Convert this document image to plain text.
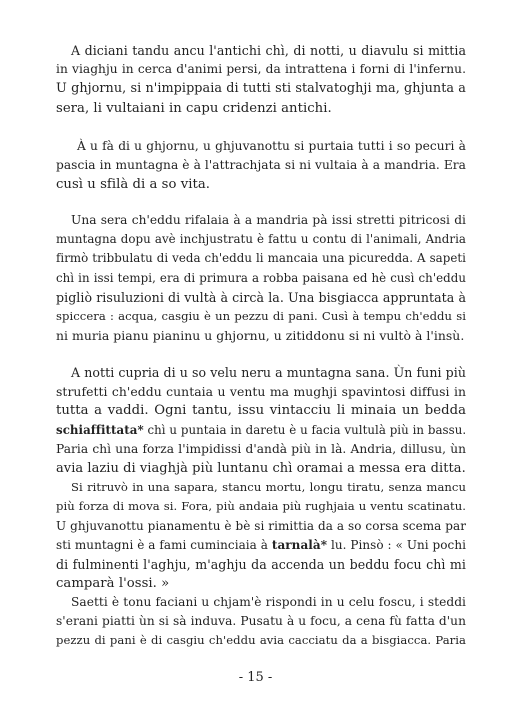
A diciani tandu ancu l'antichi chì, di notti, u diavulu si mittia
in viaghju in cerca d'animi persi, da intrattena i forni di l'infernu.
U ghjornu, si n'impippaia di tutti sti stalvatoghji ma, ghjunta a
sera, li vultaiani in capu cridenzi antichi.
À u fà di u ghjornu, u ghjuvanottu si purtaia tutti i so pecuri à
pascia in muntagna è à l'attrachjata si ni vultaia à a mandria. Era
cusì u sfilà di a so vita.
Una sera ch'eddu rifalaia à a mandria pà issi stretti pitricosi di
muntagna dopu avè inchjustratu è fattu u contu di l'animali, Andria
firmò tribbulatu di veda ch'eddu li mancaia una picuredda. A sapeti
chì in issi tempi, era di primura a robba paisana ed hè cusì ch'eddu
pigliò risuluzioni di vultà à circà la. Una bisgiacca appruntata à
spiccera : acqua, casgiu è un pezzu di pani. Cusì à tempu ch'eddu si
ni muria pianu pianinu u ghjornu, u zitiddonu si ni vultò à l'insù.
A notti cupria di u so velu neru a muntagna sana. Ùn funi più
strufetti ch'eddu cuntaia u ventu ma mughji spavintosi diffusi in
tutta a vaddi. Ogni tantu, issu vintacciu li minaia un bedda
schiaffittata* chì u puntaia in daretu è u facia vultulà più in bassu.
Paria chì una forza l'impidissi d'andà più in là. Andria, dillusu, ùn
avia laziu di viaghjà più luntanu chì oramai a messa era ditta.
Si ritruvò in una sapara, stancu mortu, longu tiratu, senza mancu
più forza di mova si. Fora, più andaia più rughjaia u ventu scatinatu.
U ghjuvanottu pianamentu è bè si rimittia da a so corsa scema par
sti muntagni è a fami cuminciaia à tarnalà* lu. Pinsò : « Uni pochi
di fulminenti l'aghju, m'aghju da accenda un beddu focu chì mi
camparà l'ossi. »
Saetti è tonu faciani u chjam'è rispondi in u celu foscu, i steddi
s'erani piatti ùn si sà induva. Pusatu à u focu, a cena fù fatta d'un
pezzu di pani è di casgiu ch'eddu avia cacciatu da a bisgiacca. Paria
- 15 -
